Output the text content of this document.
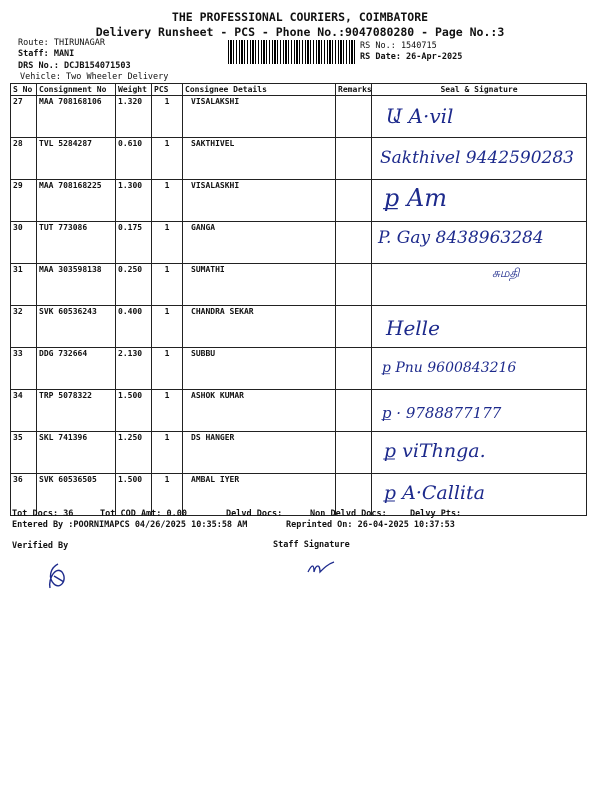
THE PROFESSIONAL COURIERS, COIMBATORE
Delivery Runsheet - PCS - Phone No.:9047080280 - Page No.:3
Route: THIRUNAGAR
Staff: MANI
DRS No.: DCJB154071503
Vehicle: Two Wheeler Delivery
RS No.: 1540715
RS Date: 26-Apr-2025
S No	Consignment No	Weight	PCS	Consignee Details	Remarks	Seal & Signature
27	MAA 708168106	1.320	1	VISALAKSHI		Ա A·vil

28	TVL 5284287	0.610	1	SAKTHIVEL		Sakthivel 9442590283

29	MAA 708168225	1.300	1	VISALASKHI		ք Am

30	TUT 773086	0.175	1	GANGA		P. Gay 8438963284

31	MAA 303598138	0.250	1	SUMATHI		சுமதி

32	SVK 60536243	0.400	1	CHANDRA SEKAR		Helle

33	DDG 732664	2.130	1	SUBBU		ք Pnu 9600843216

34	TRP 5078322	1.500	1	ASHOK KUMAR		ք · 9788877177

35	SKL 741396	1.250	1	DS HANGER		ք viThnga.

36	SVK 60536505	1.500	1	AMBAL IYER		ք A·Callita
Tot Docs: 36	Tot COD Amt: 0.00	Delvd Docs:	Non Delvd Docs:	Delvy Pts:
Entered By :POORNIMAPCS 04/26/2025 10:35:58 AM	Reprinted On: 26-04-2025 10:37:53
Verified By	Staff Signature
